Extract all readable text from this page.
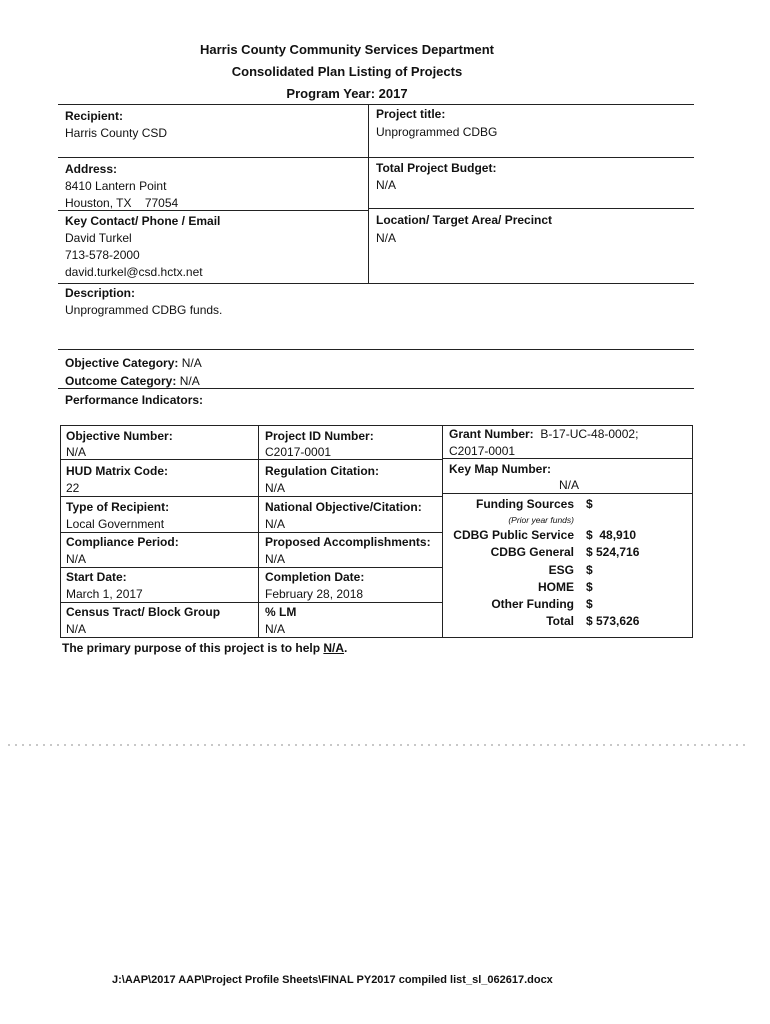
Harris County Community Services Department
Consolidated Plan Listing of Projects
Program Year: 2017
Recipient:
Harris County CSD
Project title:
Unprogrammed CDBG
Address:
8410 Lantern Point
Houston, TX    77054
Total Project Budget:
N/A
Key Contact/ Phone / Email
David Turkel
713-578-2000
david.turkel@csd.hctx.net
Location/ Target Area/ Precinct
N/A
Description:
Unprogrammed CDBG funds.
Objective Category: N/A
Outcome Category: N/A
Performance Indicators:
Objective Number:
N/A
HUD Matrix Code:
22
Type of Recipient:
Local Government
Compliance Period:
N/A
Start Date:
March 1, 2017
Census Tract/ Block Group
N/A
Project ID Number:
C2017-0001
Regulation Citation:
N/A
National Objective/Citation:
N/A
Proposed Accomplishments:
N/A
Completion Date:
February 28, 2018
% LM
N/A
Grant Number: B-17-UC-48-0002;
C2017-0001
Key Map Number:
N/A
Funding Sources $
(Prior year funds)
CDBG Public Service $  48,910
CDBG General $ 524,716
ESG $
HOME $
Other Funding $
Total $ 573,626
The primary purpose of this project is to help N/A.
J:\AAP\2017 AAP\Project Profile Sheets\FINAL PY2017 compiled list_sl_062617.docx
